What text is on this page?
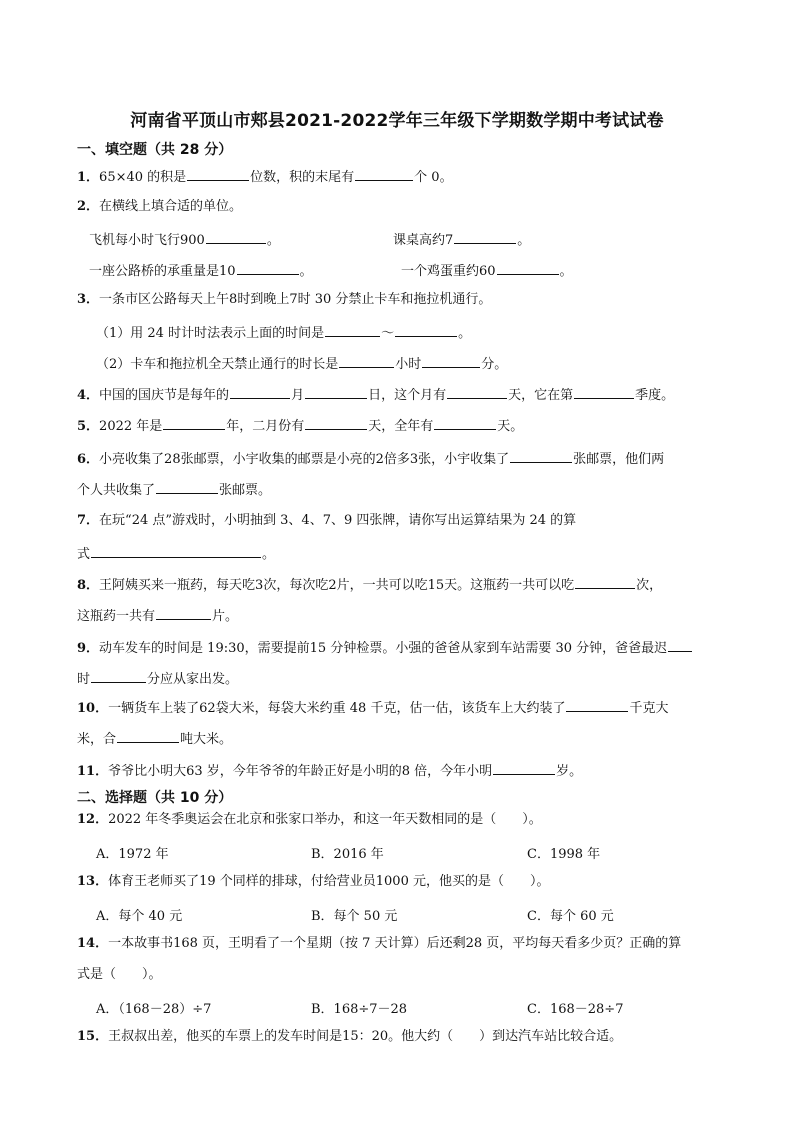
河南省平顶山市郏县2021-2022学年三年级下学期数学期中考试试卷
一、填空题（共 28 分）
1．65×40 的积是	位数，积的末尾有	个 0。
2．在横线上填合适的单位。
飞机每小时飞行900	。	课桌高约7	。
一座公路桥的承重量是10	。	一个鸡蛋重约60	。
3．一条市区公路每天上午8时到晚上7时 30 分禁止卡车和拖拉机通行。
（1）用 24 时计时法表示上面的时间是	～	。
（2）卡车和拖拉机全天禁止通行的时长是	小时	分。
4．中国的国庆节是每年的	月	日，这个月有	天，它在第	季度。
5．2022 年是	年，二月份有	天，全年有	天。
6．小亮收集了28张邮票，小宇收集的邮票是小亮的2倍多3张，小宇收集了	张邮票，他们两
个人共收集了	张邮票。
7．在玩“24 点”游戏时，小明抽到 3、4、7、9 四张牌，请你写出运算结果为 24 的算
式	。
8．王阿姨买来一瓶药，每天吃3次，每次吃2片，一共可以吃15天。这瓶药一共可以吃	次，
这瓶药一共有	片。
9．动车发车的时间是 19:30，需要提前15 分钟检票。小强的爸爸从家到车站需要 30 分钟，爸爸最迟
时	分应从家出发。
10．一辆货车上装了62袋大米，每袋大米约重 48 千克，估一估，该货车上大约装了	千克大
米，合	吨大米。
11．爷爷比小明大63 岁，今年爷爷的年龄正好是小明的8 倍，今年小明	岁。
二、选择题（共 10 分）
12．2022 年冬季奥运会在北京和张家口举办，和这一年天数相同的是（　　）。
A．1972 年	B．2016 年	C．1998 年
13．体育王老师买了19 个同样的排球，付给营业员1000 元，他买的是（　　）。
A．每个 40 元	B．每个 50 元	C．每个 60 元
14．一本故事书168 页，王明看了一个星期（按 7 天计算）后还剩28 页，平均每天看多少页？正确的算
式是（　　）。
A．（168－28）÷7	B．168÷7－28	C．168－28÷7
15．王叔叔出差，他买的车票上的发车时间是15：20。他大约（　　）到达汽车站比较合适。
